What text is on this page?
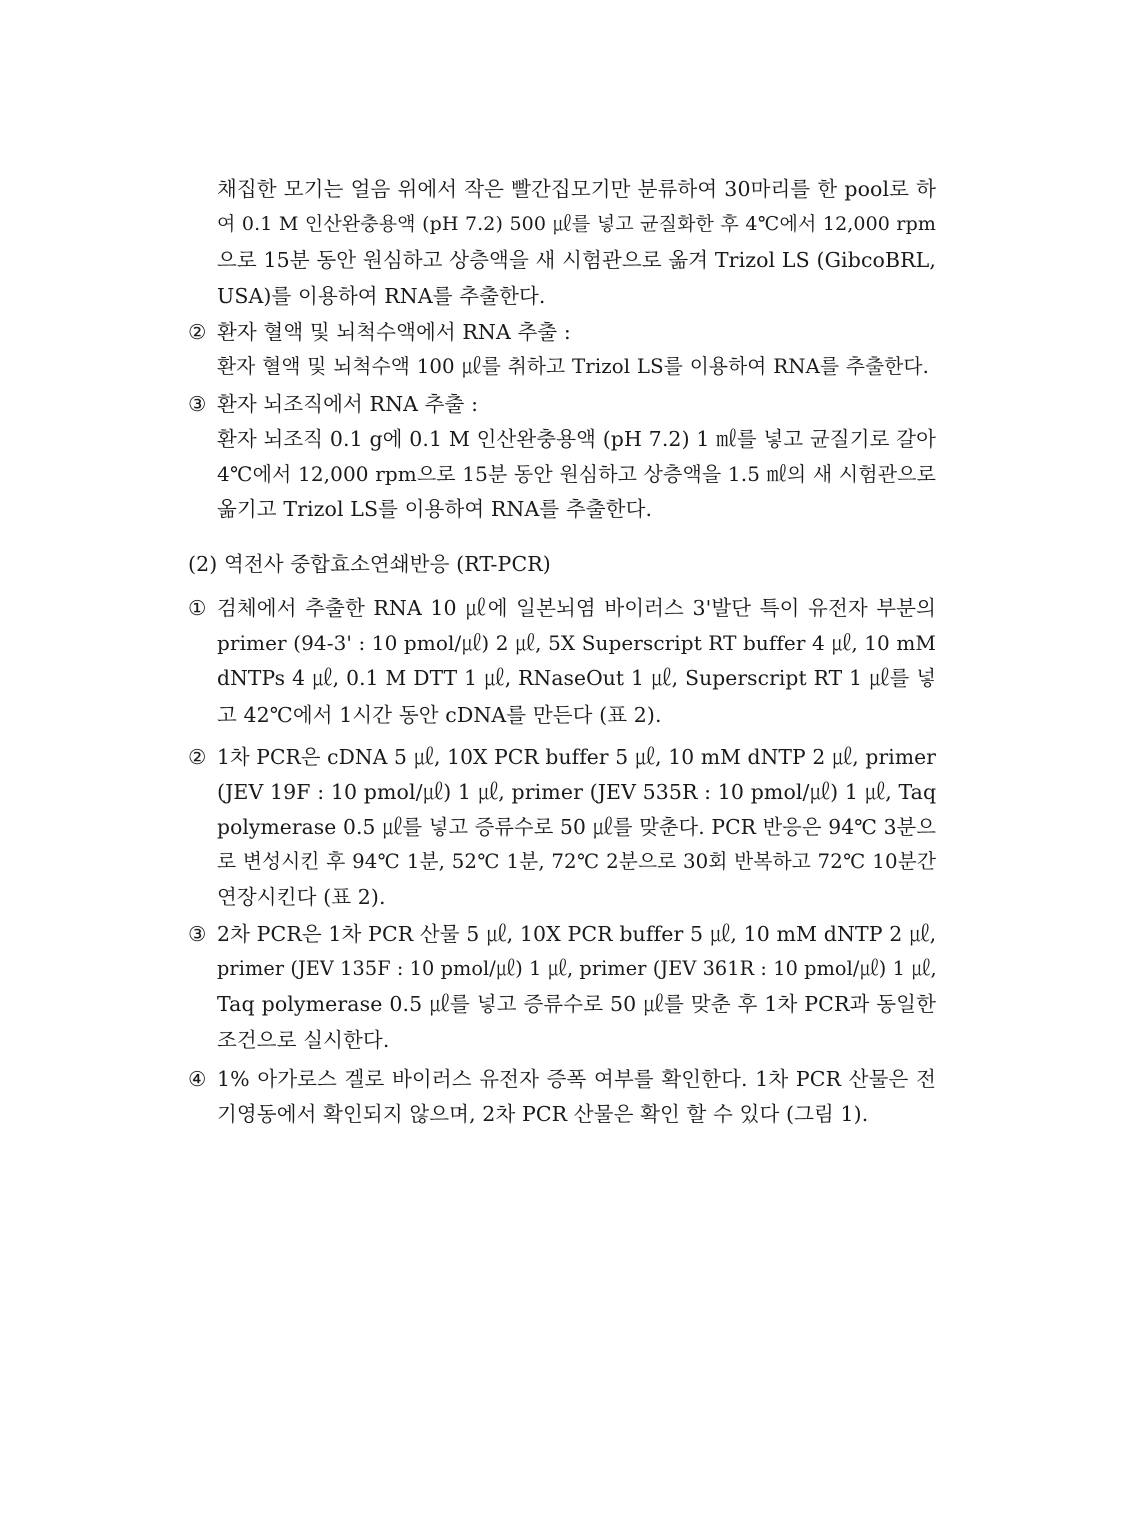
채집한 모기는 얼음 위에서 작은 빨간집모기만 분류하여 30마리를 한 pool로 하
여 0.1 M 인산완충용액 (pH 7.2) 500 ㎕를 넣고 균질화한 후 4℃에서 12,000 rpm
으로 15분 동안 원심하고 상층액을 새 시험관으로 옮겨 Trizol LS (GibcoBRL,
USA)를 이용하여 RNA를 추출한다.
② 환자 혈액 및 뇌척수액에서 RNA 추출 :
환자 혈액 및 뇌척수액 100 ㎕를 취하고 Trizol LS를 이용하여 RNA를 추출한다.
③ 환자 뇌조직에서 RNA 추출 :
환자 뇌조직 0.1 g에 0.1 M 인산완충용액 (pH 7.2) 1 ㎖를 넣고 균질기로 갈아
4℃에서 12,000 rpm으로 15분 동안 원심하고 상층액을 1.5 ㎖의 새 시험관으로
옮기고 Trizol LS를 이용하여 RNA를 추출한다.
(2) 역전사 중합효소연쇄반응 (RT-PCR)
① 검체에서 추출한 RNA 10 ㎕에 일본뇌염 바이러스 3'발단 특이 유전자 부분의
primer (94-3' : 10 pmol/㎕) 2 ㎕, 5X Superscript RT buffer 4 ㎕, 10 mM
dNTPs 4 ㎕, 0.1 M DTT 1 ㎕, RNaseOut 1 ㎕, Superscript RT 1 ㎕를 넣
고 42℃에서 1시간 동안 cDNA를 만든다 (표 2).
② 1차 PCR은 cDNA 5 ㎕, 10X PCR buffer 5 ㎕, 10 mM dNTP 2 ㎕, primer
(JEV 19F : 10 pmol/㎕) 1 ㎕, primer (JEV 535R : 10 pmol/㎕) 1 ㎕, Taq
polymerase 0.5 ㎕를 넣고 증류수로 50 ㎕를 맞춘다. PCR 반응은 94℃ 3분으
로 변성시킨 후 94℃ 1분, 52℃ 1분, 72℃ 2분으로 30회 반복하고 72℃ 10분간
연장시킨다 (표 2).
③ 2차 PCR은 1차 PCR 산물 5 ㎕, 10X PCR buffer 5 ㎕, 10 mM dNTP 2 ㎕,
primer (JEV 135F : 10 pmol/㎕) 1 ㎕, primer (JEV 361R : 10 pmol/㎕) 1 ㎕,
Taq polymerase 0.5 ㎕를 넣고 증류수로 50 ㎕를 맞춘 후 1차 PCR과 동일한
조건으로 실시한다.
④ 1% 아가로스 겔로 바이러스 유전자 증폭 여부를 확인한다. 1차 PCR 산물은 전
기영동에서 확인되지 않으며, 2차 PCR 산물은 확인 할 수 있다 (그림 1).
